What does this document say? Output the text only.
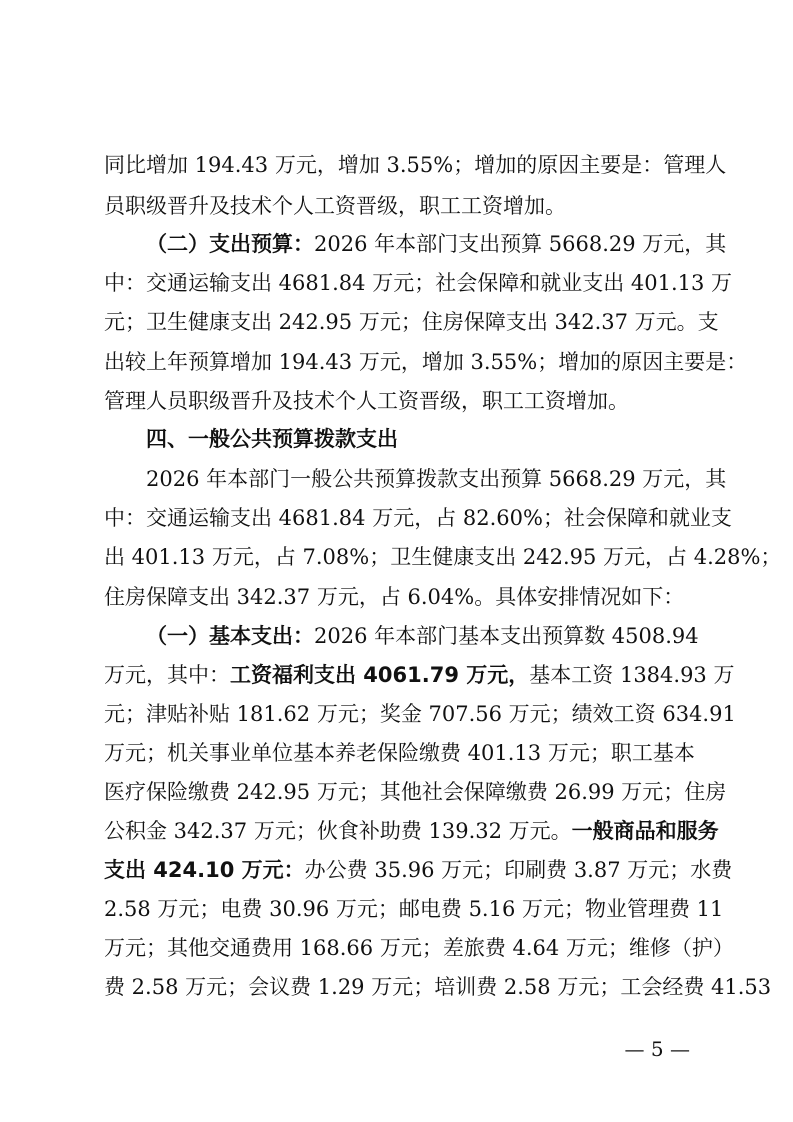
同比增加 194.43 万元，增加 3.55%；增加的原因主要是：管理人
员职级晋升及技术个人工资晋级，职工工资增加。
（二）支出预算：2026 年本部门支出预算 5668.29 万元，其
中：交通运输支出 4681.84 万元；社会保障和就业支出 401.13 万
元；卫生健康支出 242.95 万元；住房保障支出 342.37 万元。支
出较上年预算增加 194.43 万元，增加 3.55%；增加的原因主要是：
管理人员职级晋升及技术个人工资晋级，职工工资增加。
四、一般公共预算拨款支出
2026 年本部门一般公共预算拨款支出预算 5668.29 万元，其
中：交通运输支出 4681.84 万元，占 82.60%；社会保障和就业支
出 401.13 万元，占 7.08%；卫生健康支出 242.95 万元，占 4.28%；
住房保障支出 342.37 万元，占 6.04%。具体安排情况如下：
（一）基本支出：2026 年本部门基本支出预算数 4508.94
万元，其中：工资福利支出 4061.79 万元，基本工资 1384.93 万
元；津贴补贴 181.62 万元；奖金 707.56 万元；绩效工资 634.91
万元；机关事业单位基本养老保险缴费 401.13 万元；职工基本
医疗保险缴费 242.95 万元；其他社会保障缴费 26.99 万元；住房
公积金 342.37 万元；伙食补助费 139.32 万元。一般商品和服务
支出 424.10 万元：办公费 35.96 万元；印刷费 3.87 万元；水费
2.58 万元；电费 30.96 万元；邮电费 5.16 万元；物业管理费 11
万元；其他交通费用 168.66 万元；差旅费 4.64 万元；维修（护）
费 2.58 万元；会议费 1.29 万元；培训费 2.58 万元；工会经费 41.53
— 5 —
